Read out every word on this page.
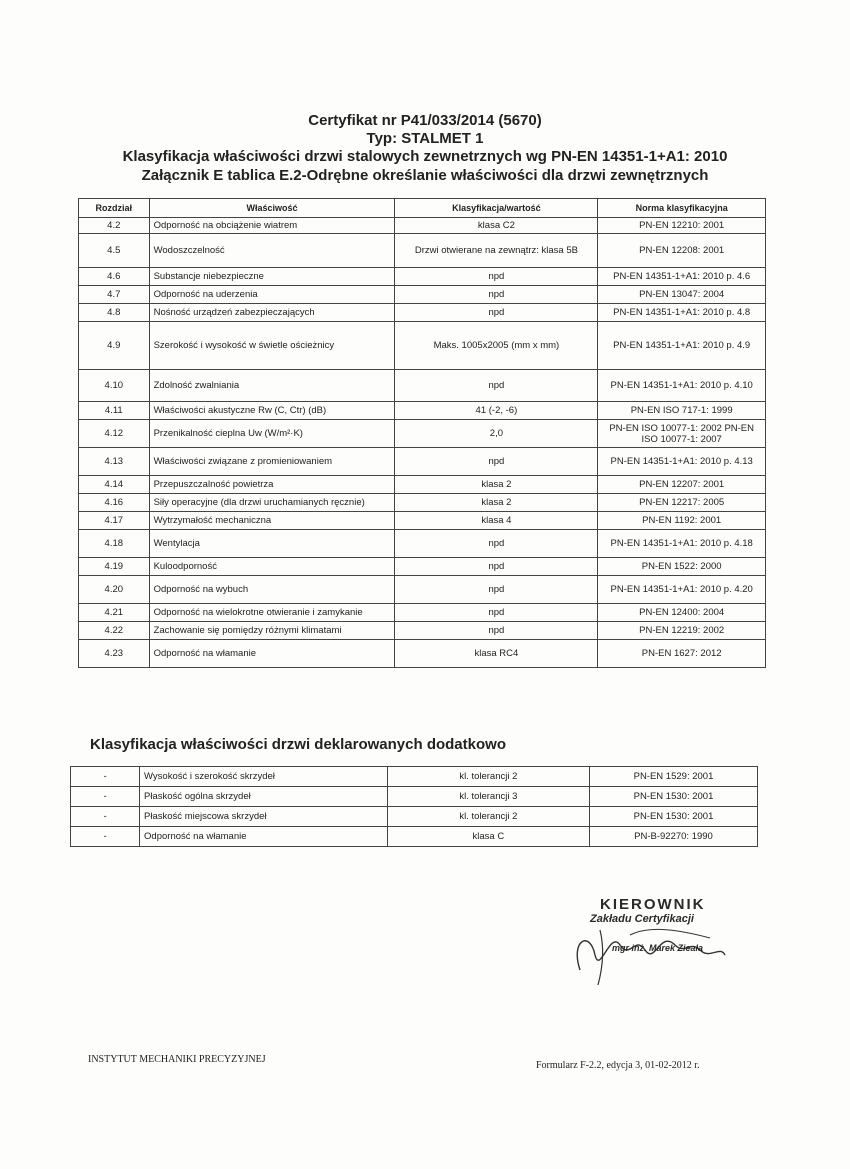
Certyfikat nr P41/033/2014 (5670)
Typ: STALMET 1
Klasyfikacja właściwości drzwi stalowych zewnetrznych wg PN-EN 14351-1+A1: 2010
Załącznik E tablica E.2-Odrębne określanie właściwości dla drzwi zewnętrznych
Rozdział	Właściwość	Klasyfikacja/wartość	Norma klasyfikacyjna
4.2	Odporność na obciążenie wiatrem	klasa C2	PN-EN 12210: 2001
4.5	Wodoszczelność	Drzwi otwierane na zewnątrz: klasa 5B	PN-EN 12208: 2001
4.6	Substancje niebezpieczne	npd	PN-EN 14351-1+A1: 2010 p. 4.6
4.7	Odporność na uderzenia	npd	PN-EN 13047: 2004
4.8	Nośność urządzeń zabezpieczających	npd	PN-EN 14351-1+A1: 2010 p. 4.8
4.9	Szerokość i wysokość w świetle ościeżnicy	Maks. 1005x2005 (mm x mm)	PN-EN 14351-1+A1: 2010 p. 4.9
4.10	Zdolność zwalniania	npd	PN-EN 14351-1+A1: 2010 p. 4.10
4.11	Właściwości akustyczne Rw (C, Ctr) (dB)	41 (-2, -6)	PN-EN ISO 717-1: 1999
4.12	Przenikalność cieplna Uw (W/m²·K)	2,0	PN-EN ISO 10077-1: 2002 PN-EN ISO 10077-1: 2007
4.13	Właściwości związane z promieniowaniem	npd	PN-EN 14351-1+A1: 2010 p. 4.13
4.14	Przepuszczalność powietrza	klasa 2	PN-EN 12207: 2001
4.16	Siły operacyjne (dla drzwi uruchamianych ręcznie)	klasa 2	PN-EN 12217: 2005
4.17	Wytrzymałość mechaniczna	klasa 4	PN-EN 1192: 2001
4.18	Wentylacja	npd	PN-EN 14351-1+A1: 2010 p. 4.18
4.19	Kuloodporność	npd	PN-EN 1522: 2000
4.20	Odporność na wybuch	npd	PN-EN 14351-1+A1: 2010 p. 4.20
4.21	Odporność na wielokrotne otwieranie i zamykanie	npd	PN-EN 12400: 2004
4.22	Zachowanie się pomiędzy różnymi klimatami	npd	PN-EN 12219: 2002
4.23	Odporność na włamanie	klasa RC4	PN-EN 1627: 2012
Klasyfikacja właściwości drzwi deklarowanych dodatkowo
-	Wysokość i szerokość skrzydeł	kl. tolerancji 2	PN-EN 1529: 2001
-	Płaskość ogólna skrzydeł	kl. tolerancji 3	PN-EN 1530: 2001
-	Płaskość miejscowa skrzydeł	kl. tolerancji 2	PN-EN 1530: 2001
-	Odporność na włamanie	klasa C	PN-B-92270: 1990
KIEROWNIK
Zakładu Certyfikacji
mgr inż. Marek Zieała
INSTYTUT MECHANIKI PRECYZYJNEJ
Formularz F-2.2, edycja 3, 01-02-2012 r.
